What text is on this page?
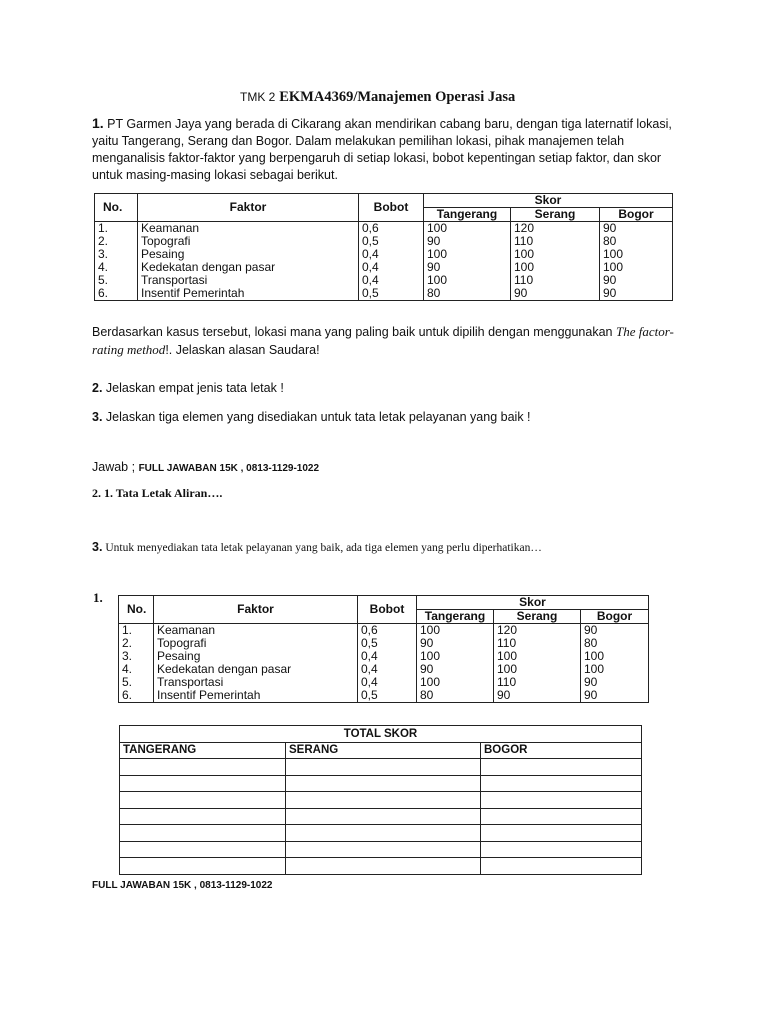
TMK 2 EKMA4369/Manajemen Operasi Jasa
1. PT Garmen Jaya yang berada di Cikarang akan mendirikan cabang baru, dengan tiga laternatif lokasi, yaitu Tangerang, Serang dan Bogor. Dalam melakukan pemilihan lokasi, pihak manajemen telah menganalisis faktor-faktor yang berpengaruh di setiap lokasi, bobot kepentingan setiap faktor, dan skor untuk masing-masing lokasi sebagai berikut.
No.	Faktor	Bobot	Skor		
			Tangerang	Serang	Bogor
1.	Keamanan	0,6	100	120	90
2.	Topografi	0,5	90	110	80
3.	Pesaing	0,4	100	100	100
4.	Kedekatan dengan pasar	0,4	90	100	100
5.	Transportasi	0,4	100	110	90
6.	Insentif Pemerintah	0,5	80	90	90
Berdasarkan kasus tersebut, lokasi mana yang paling baik untuk dipilih dengan menggunakan The factor-rating method!. Jelaskan alasan Saudara!
2. Jelaskan empat jenis tata letak !
3. Jelaskan tiga elemen yang disediakan untuk tata letak pelayanan yang baik !
Jawab ; FULL JAWABAN 15K , 0813-1129-1022
2. 1. Tata Letak Aliran….
3. Untuk menyediakan tata letak pelayanan yang baik, ada tiga elemen yang perlu diperhatikan…
1.
No.	Faktor	Bobot	Skor		
			Tangerang	Serang	Bogor
1.	Keamanan	0,6	100	120	90
2.	Topografi	0,5	90	110	80
3.	Pesaing	0,4	100	100	100
4.	Kedekatan dengan pasar	0,4	90	100	100
5.	Transportasi	0,4	100	110	90
6.	Insentif Pemerintah	0,5	80	90	90
TOTAL SKOR		
TANGERANG	SERANG	BOGOR

FULL JAWABAN 15K , 0813-1129-1022
